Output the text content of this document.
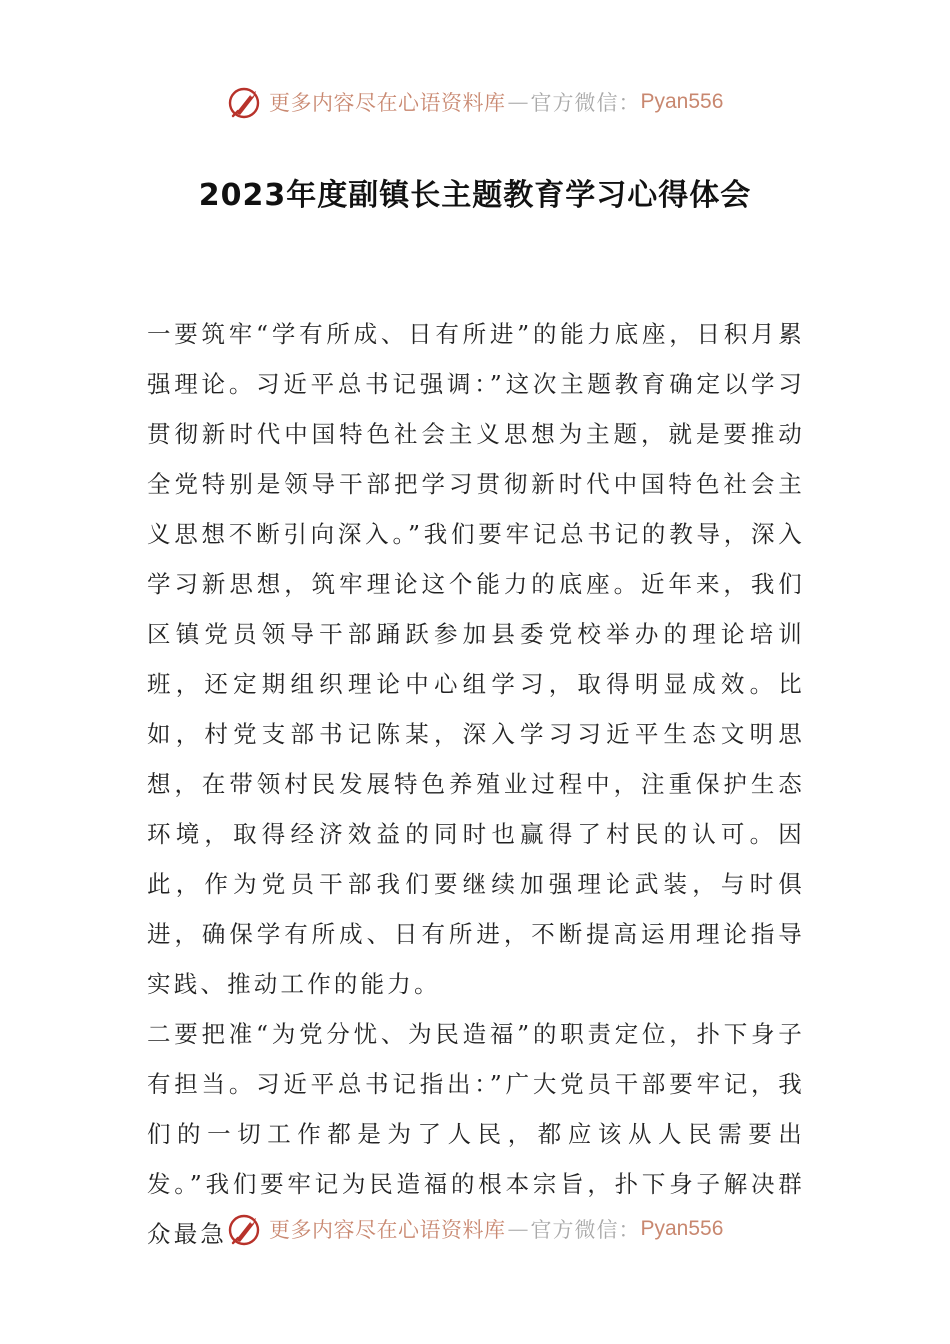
更多内容尽在心语资料库 — 官方微信： Pyan556
2023年度副镇长主题教育学习心得体会

一要筑牢“学有所成、日有所进”的能力底座，日积月累强理论。习近平总书记强调：”这次主题教育确定以学习贯彻新时代中国特色社会主义思想为主题，就是要推动全党特别是领导干部把学习贯彻新时代中国特色社会主义思想不断引向深入。”我们要牢记总书记的教导，深入学习新思想，筑牢理论这个能力的底座。近年来，我们区镇党员领导干部踊跃参加县委党校举办的理论培训班，还定期组织理论中心组学习，取得明显成效。比如，村党支部书记陈某，深入学习习近平生态文明思想，在带领村民发展特色养殖业过程中，注重保护生态环境，取得经济效益的同时也赢得了村民的认可。因此，作为党员干部我们要继续加强理论武装，与时俱进，确保学有所成、日有所进，不断提高运用理论指导实践、推动工作的能力。

二要把准“为党分忧、为民造福”的职责定位，扑下身子有担当。习近平总书记指出：”广大党员干部要牢记，我们的一切工作都是为了人民，都应该从人民需要出发。”我们要牢记为民造福的根本宗旨，扑下身子解决群众最急	更多内容尽在心语资料库 — 官方微信： Pyan556
